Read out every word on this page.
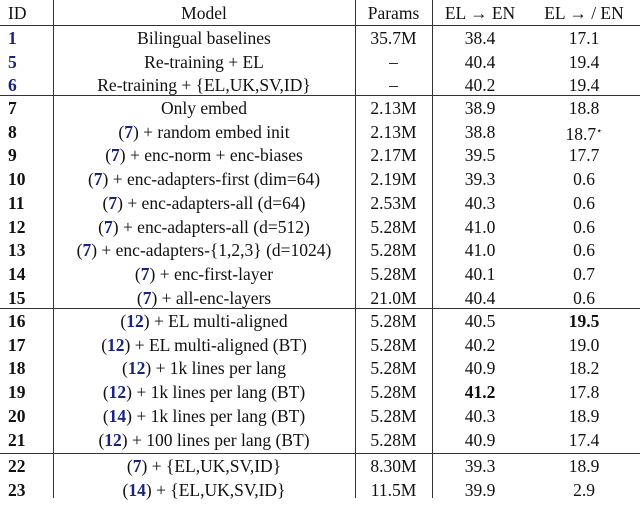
ID	Model	Params	EL → EN	EL → / EN
1	Bilingual baselines	35.7M	38.4	17.1
5	Re-training + EL	–	40.4	19.4
6	Re-training + {EL,UK,SV,ID}	–	40.2	19.4
7	Only embed	2.13M	38.9	18.8
8	(7) + random embed init	2.13M	38.8	18.7⋆
9	(7) + enc-norm + enc-biases	2.17M	39.5	17.7
10	(7) + enc-adapters-first (dim=64)	2.19M	39.3	0.6
11	(7) + enc-adapters-all (d=64)	2.53M	40.3	0.6
12	(7) + enc-adapters-all (d=512)	5.28M	41.0	0.6
13	(7) + enc-adapters-{1,2,3} (d=1024)	5.28M	41.0	0.6
14	(7) + enc-first-layer	5.28M	40.1	0.7
15	(7) + all-enc-layers	21.0M	40.4	0.6
16	(12) + EL multi-aligned	5.28M	40.5	19.5
17	(12) + EL multi-aligned (BT)	5.28M	40.2	19.0
18	(12) + 1k lines per lang	5.28M	40.9	18.2
19	(12) + 1k lines per lang (BT)	5.28M	41.2	17.8
20	(14) + 1k lines per lang (BT)	5.28M	40.3	18.9
21	(12) + 100 lines per lang (BT)	5.28M	40.9	17.4
22	(7) + {EL,UK,SV,ID}	8.30M	39.3	18.9
23	(14) + {EL,UK,SV,ID}	11.5M	39.9	2.9
